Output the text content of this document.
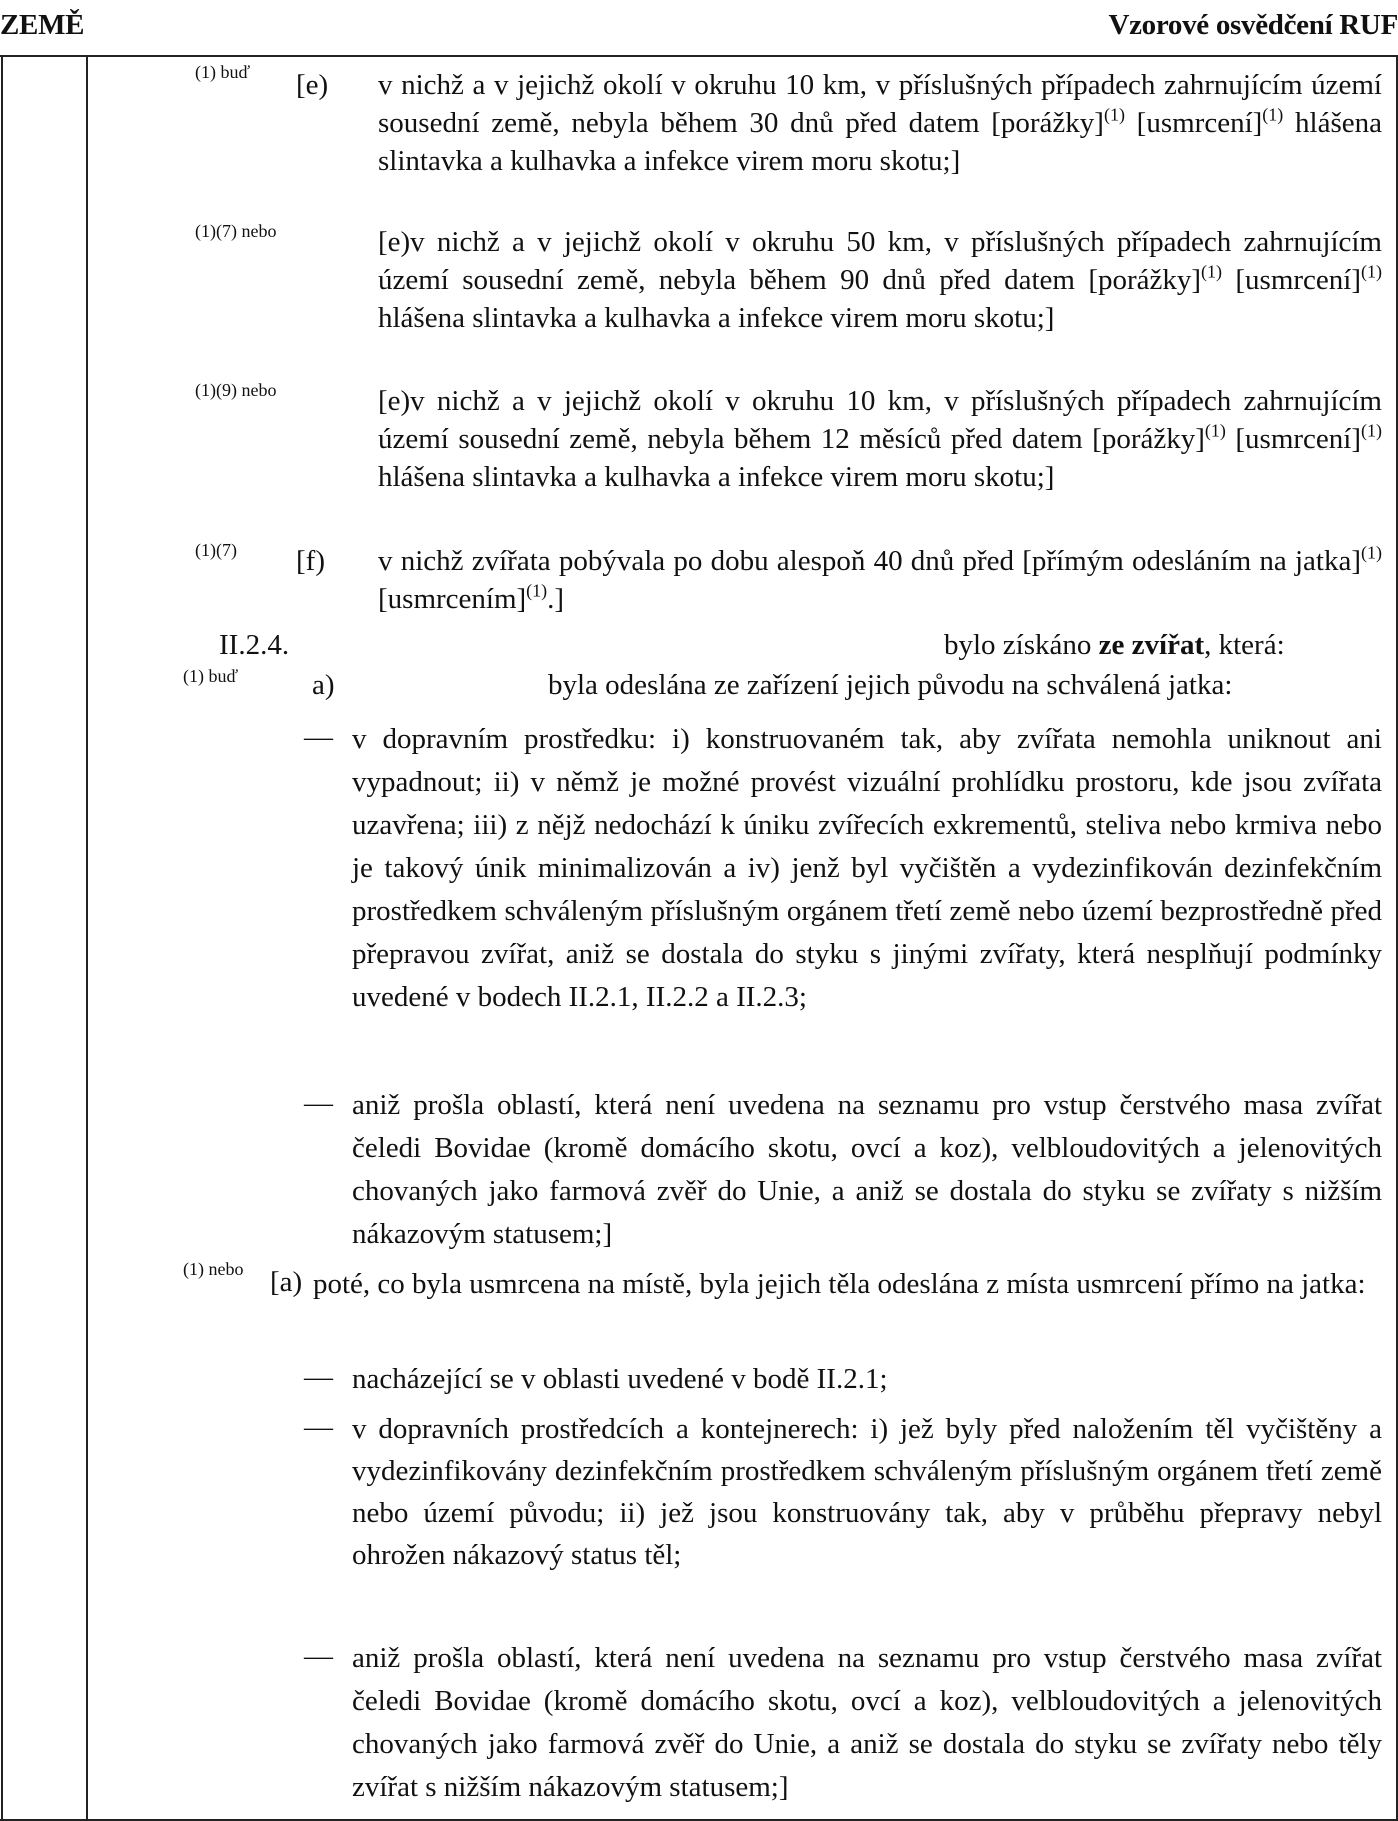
ZEMĚ	Vzorové osvědčení RUF
(1) buď [e) v nichž a v jejichž okolí v okruhu 10 km, v příslušných případech zahrnujícím území sousední země, nebyla během 30 dnů před datem [porážky]$^{(1)}$ [usmrcení]$^{(1)}$ hlášena slintavka a kulhavka a infekce virem moru skotu;]
(1)(7) nebo	[e)v nichž a v jejichž okolí v okruhu 50 km, v příslušných případech zahrnujícím území sousední země, nebyla během 90 dnů před datem [porážky]$^{(1)}$ [usmrcení]$^{(1)}$ hlášena slintavka a kulhavka a infekce virem moru skotu;]
(1)(9) nebo	[e)v nichž a v jejichž okolí v okruhu 10 km, v příslušných případech zahrnujícím území sousední země, nebyla během 12 měsíců před datem [porážky]$^{(1)}$ [usmrcení]$^{(1)}$ hlášena slintavka a kulhavka a infekce virem moru skotu;]
(1)(7) [f) v nichž zvířata pobývala po dobu alespoň 40 dnů před [přímým odesláním na jatka]$^{(1)}$ [usmrcením]$^{(1)}$.]
II.2.4.	bylo získáno ze zvířat, která:
(1) buď	a)	byla odeslána ze zařízení jejich původu na schválená jatka:
— v dopravním prostředku: i) konstruovaném tak, aby zvířata nemohla uniknout ani vypadnout; ii) v němž je možné provést vizuální prohlídku prostoru, kde jsou zvířata uzavřena; iii) z nějž nedochází k úniku zvířecích exkrementů, steliva nebo krmiva nebo je takový únik minimalizován a iv) jenž byl vyčištěn a vydezinfikován dezinfekčním prostředkem schváleným příslušným orgánem třetí země nebo území bezprostředně před přepravou zvířat, aniž se dostala do styku s jinými zvířaty, která nesplňují podmínky uvedené v bodech II.2.1, II.2.2 a II.2.3;
— aniž prošla oblastí, která není uvedena na seznamu pro vstup čerstvého masa zvířat čeledi Bovidae (kromě domácího skotu, ovcí a koz), velbloudovitých a jelenovitých chovaných jako farmová zvěř do Unie, a aniž se dostala do styku se zvířaty s nižším nákazovým statusem;]
(1) nebo [a) poté, co byla usmrcena na místě, byla jejich těla odeslána z místa usmrcení přímo na jatka:
— nacházející se v oblasti uvedené v bodě II.2.1;
— v dopravních prostředcích a kontejnerech: i) jež byly před naložením těl vyčištěny a vydezinfikovány dezinfekčním prostředkem schváleným příslušným orgánem třetí země nebo území původu; ii) jež jsou konstruovány tak, aby v průběhu přepravy nebyl ohrožen nákazový status těl;
— aniž prošla oblastí, která není uvedena na seznamu pro vstup čerstvého masa zvířat čeledi Bovidae (kromě domácího skotu, ovcí a koz), velbloudovitých a jelenovitých chovaných jako farmová zvěř do Unie, a aniž se dostala do styku se zvířaty nebo těly zvířat s nižším nákazovým statusem;]
